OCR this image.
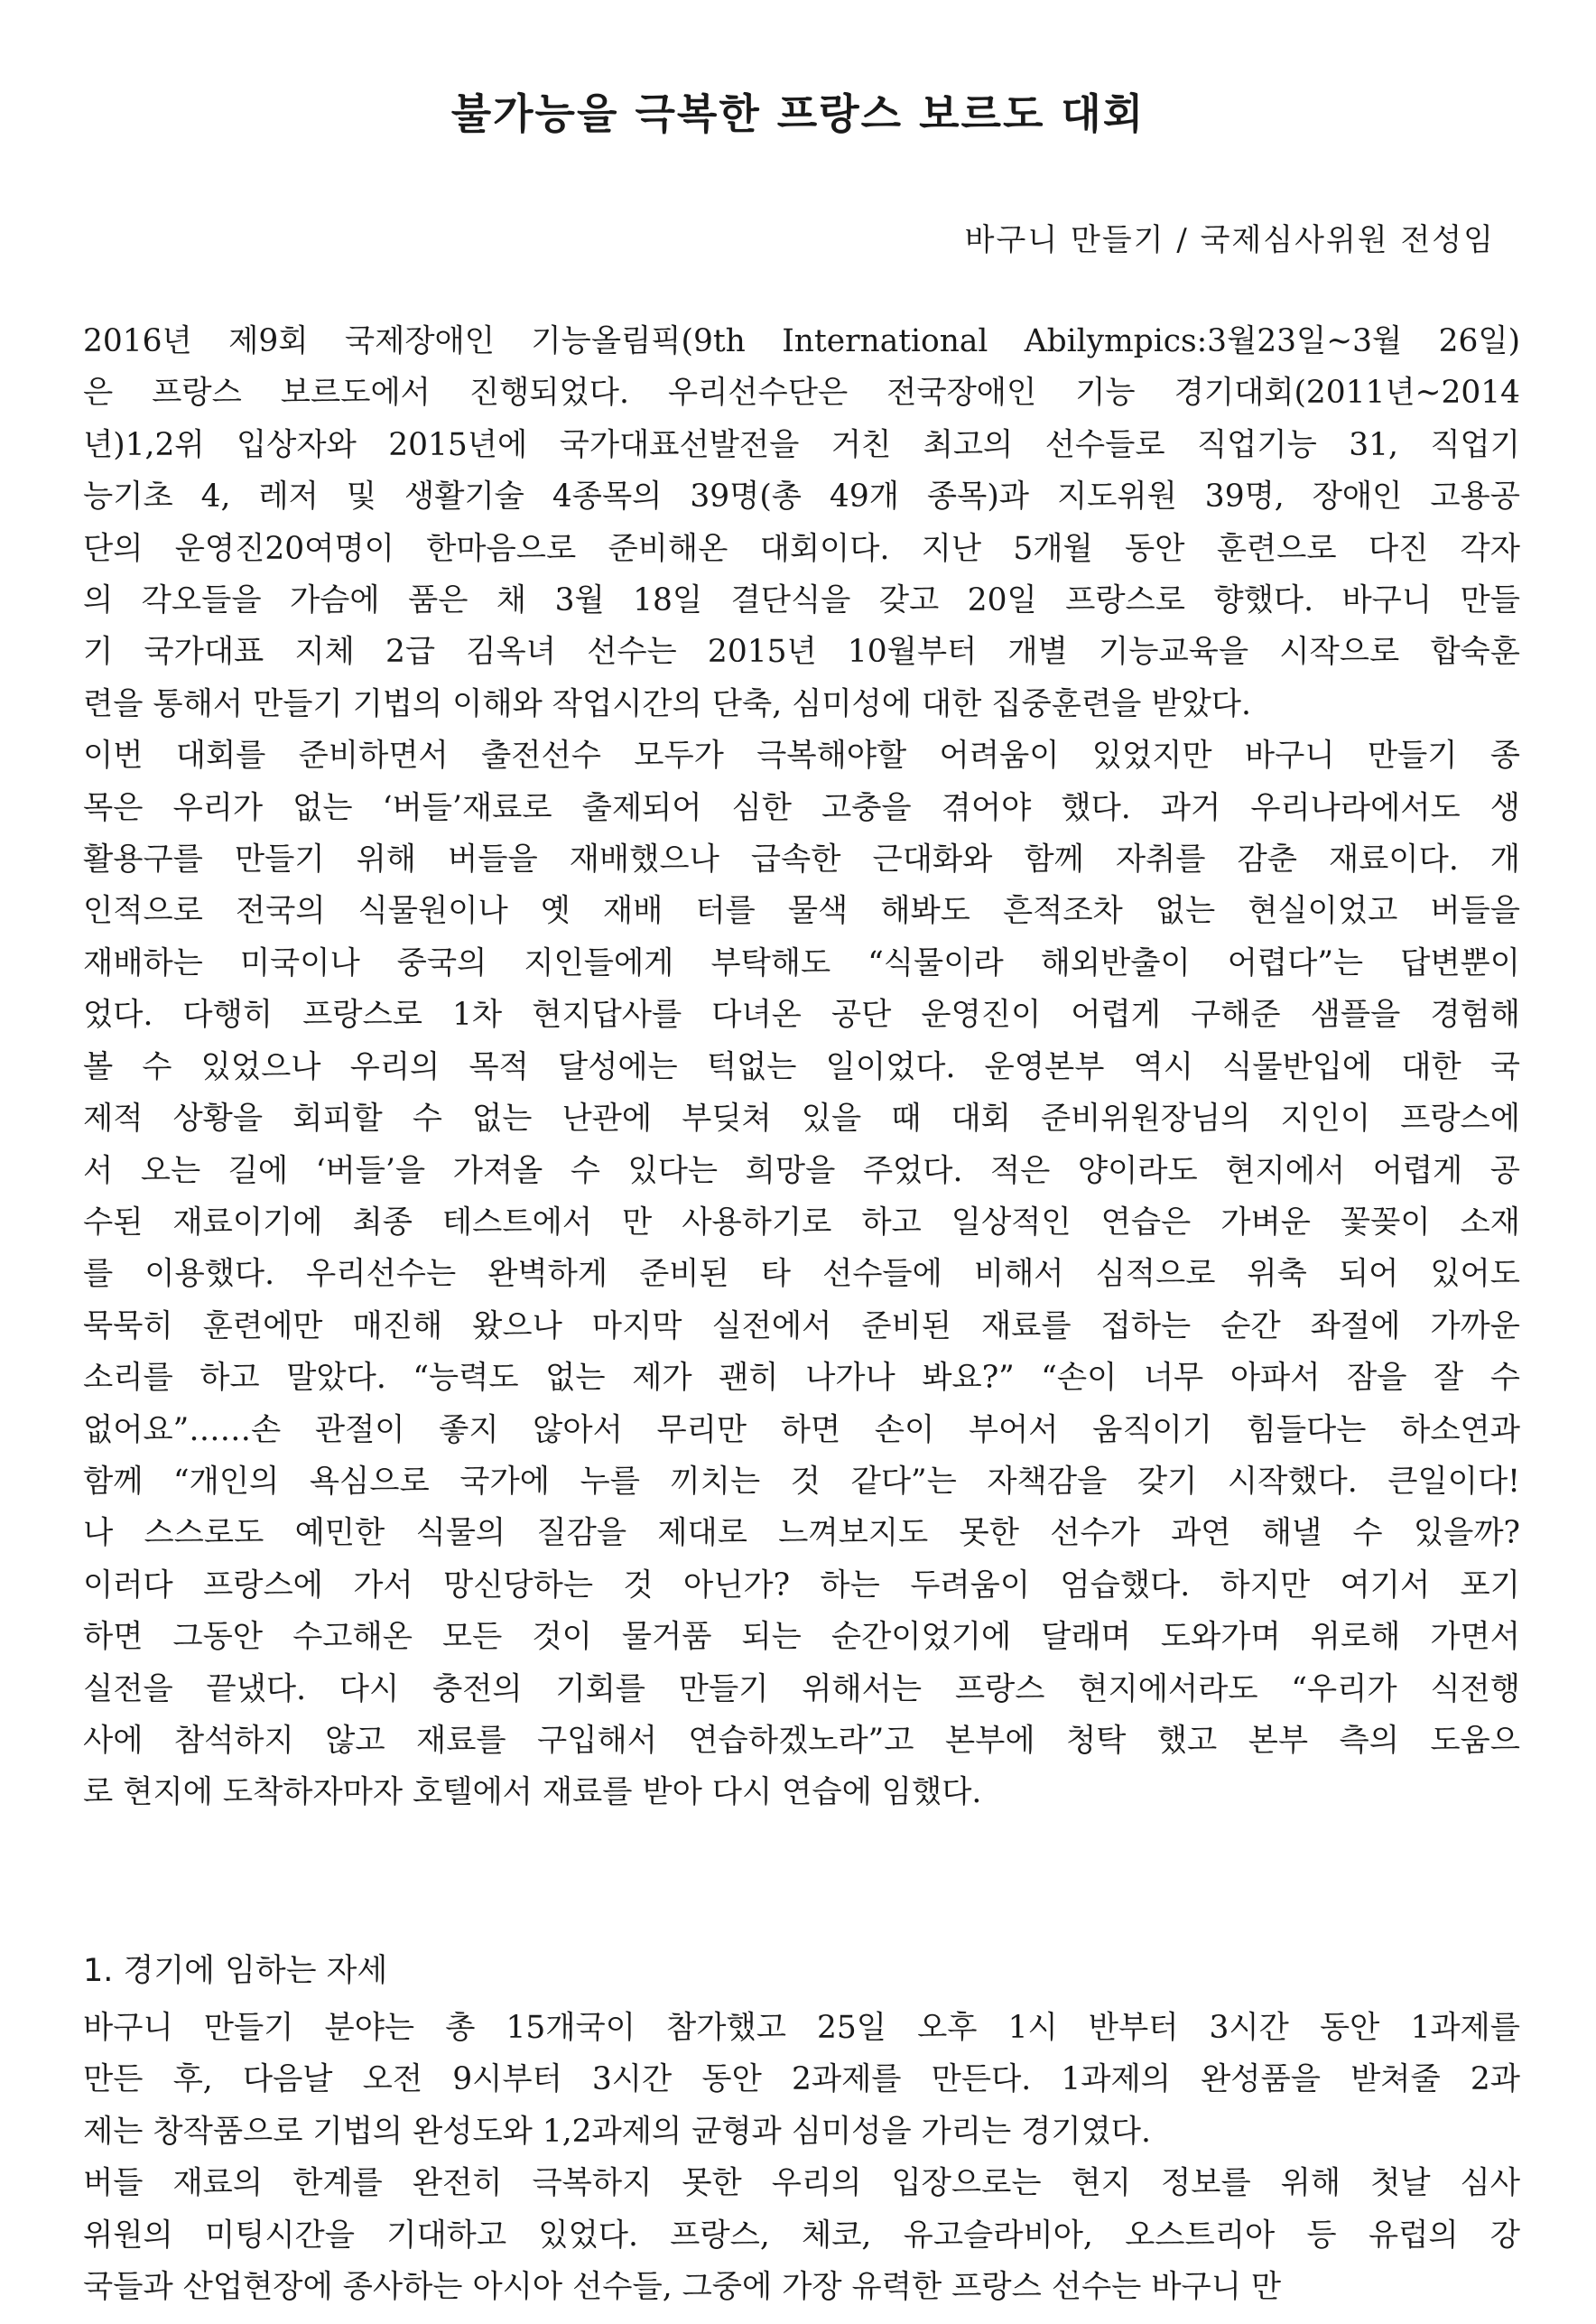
불가능을 극복한 프랑스 보르도 대회

바구니 만들기 / 국제심사위원 전성임

2016년 제9회 국제장애인 기능올림픽(9th International Abilympics:3월23일~3월 26일)
은 프랑스 보르도에서 진행되었다. 우리선수단은 전국장애인 기능 경기대회(2011년~2014
년)1,2위 입상자와 2015년에 국가대표선발전을 거친 최고의 선수들로 직업기능 31, 직업기
능기초 4, 레저 및 생활기술 4종목의 39명(총 49개 종목)과 지도위원 39명, 장애인 고용공
단의 운영진20여명이 한마음으로 준비해온 대회이다. 지난 5개월 동안 훈련으로 다진 각자
의 각오들을 가슴에 품은 채 3월 18일 결단식을 갖고 20일 프랑스로 향했다. 바구니 만들
기 국가대표 지체 2급 김옥녀 선수는 2015년 10월부터 개별 기능교육을 시작으로 합숙훈
련을 통해서 만들기 기법의 이해와 작업시간의 단축, 심미성에 대한 집중훈련을 받았다.
이번 대회를 준비하면서 출전선수 모두가 극복해야할 어려움이 있었지만 바구니 만들기 종
목은 우리가 없는 ‘버들’재료로 출제되어 심한 고충을 겪어야 했다. 과거 우리나라에서도 생
활용구를 만들기 위해 버들을 재배했으나 급속한 근대화와 함께 자취를 감춘 재료이다. 개
인적으로 전국의 식물원이나 옛 재배 터를 물색 해봐도 흔적조차 없는 현실이었고 버들을
재배하는 미국이나 중국의 지인들에게 부탁해도 “식물이라 해외반출이 어렵다”는 답변뿐이
었다. 다행히 프랑스로 1차 현지답사를 다녀온 공단 운영진이 어렵게 구해준 샘플을 경험해
볼 수 있었으나 우리의 목적 달성에는 턱없는 일이었다. 운영본부 역시 식물반입에 대한 국
제적 상황을 회피할 수 없는 난관에 부딪쳐 있을 때 대회 준비위원장님의 지인이 프랑스에
서 오는 길에 ‘버들’을 가져올 수 있다는 희망을 주었다. 적은 양이라도 현지에서 어렵게 공
수된 재료이기에 최종 테스트에서 만 사용하기로 하고 일상적인 연습은 가벼운 꽃꽂이 소재
를 이용했다. 우리선수는 완벽하게 준비된 타 선수들에 비해서 심적으로 위축 되어 있어도
묵묵히 훈련에만 매진해 왔으나 마지막 실전에서 준비된 재료를 접하는 순간 좌절에 가까운
소리를 하고 말았다. “능력도 없는 제가 괜히 나가나 봐요?” “손이 너무 아파서 잠을 잘 수
없어요”……손 관절이 좋지 않아서 무리만 하면 손이 부어서 움직이기 힘들다는 하소연과
함께 “개인의 욕심으로 국가에 누를 끼치는 것 같다”는 자책감을 갖기 시작했다. 큰일이다!
나 스스로도 예민한 식물의 질감을 제대로 느껴보지도 못한 선수가 과연 해낼 수 있을까?
이러다 프랑스에 가서 망신당하는 것 아닌가? 하는 두려움이 엄습했다. 하지만 여기서 포기
하면 그동안 수고해온 모든 것이 물거품 되는 순간이었기에 달래며 도와가며 위로해 가면서
실전을 끝냈다. 다시 충전의 기회를 만들기 위해서는 프랑스 현지에서라도 “우리가 식전행
사에 참석하지 않고 재료를 구입해서 연습하겠노라”고 본부에 청탁 했고 본부 측의 도움으
로 현지에 도착하자마자 호텔에서 재료를 받아 다시 연습에 임했다.
1. 경기에 임하는 자세
바구니 만들기 분야는 총 15개국이 참가했고 25일 오후 1시 반부터 3시간 동안 1과제를
만든 후, 다음날 오전 9시부터 3시간 동안 2과제를 만든다. 1과제의 완성품을 받쳐줄 2과
제는 창작품으로 기법의 완성도와 1,2과제의 균형과 심미성을 가리는 경기였다.
버들 재료의 한계를 완전히 극복하지 못한 우리의 입장으로는 현지 정보를 위해 첫날 심사
위원의 미팅시간을 기대하고 있었다. 프랑스, 체코, 유고슬라비아, 오스트리아 등 유럽의 강
국들과 산업현장에 종사하는 아시아 선수들, 그중에 가장 유력한 프랑스 선수는 바구니 만
